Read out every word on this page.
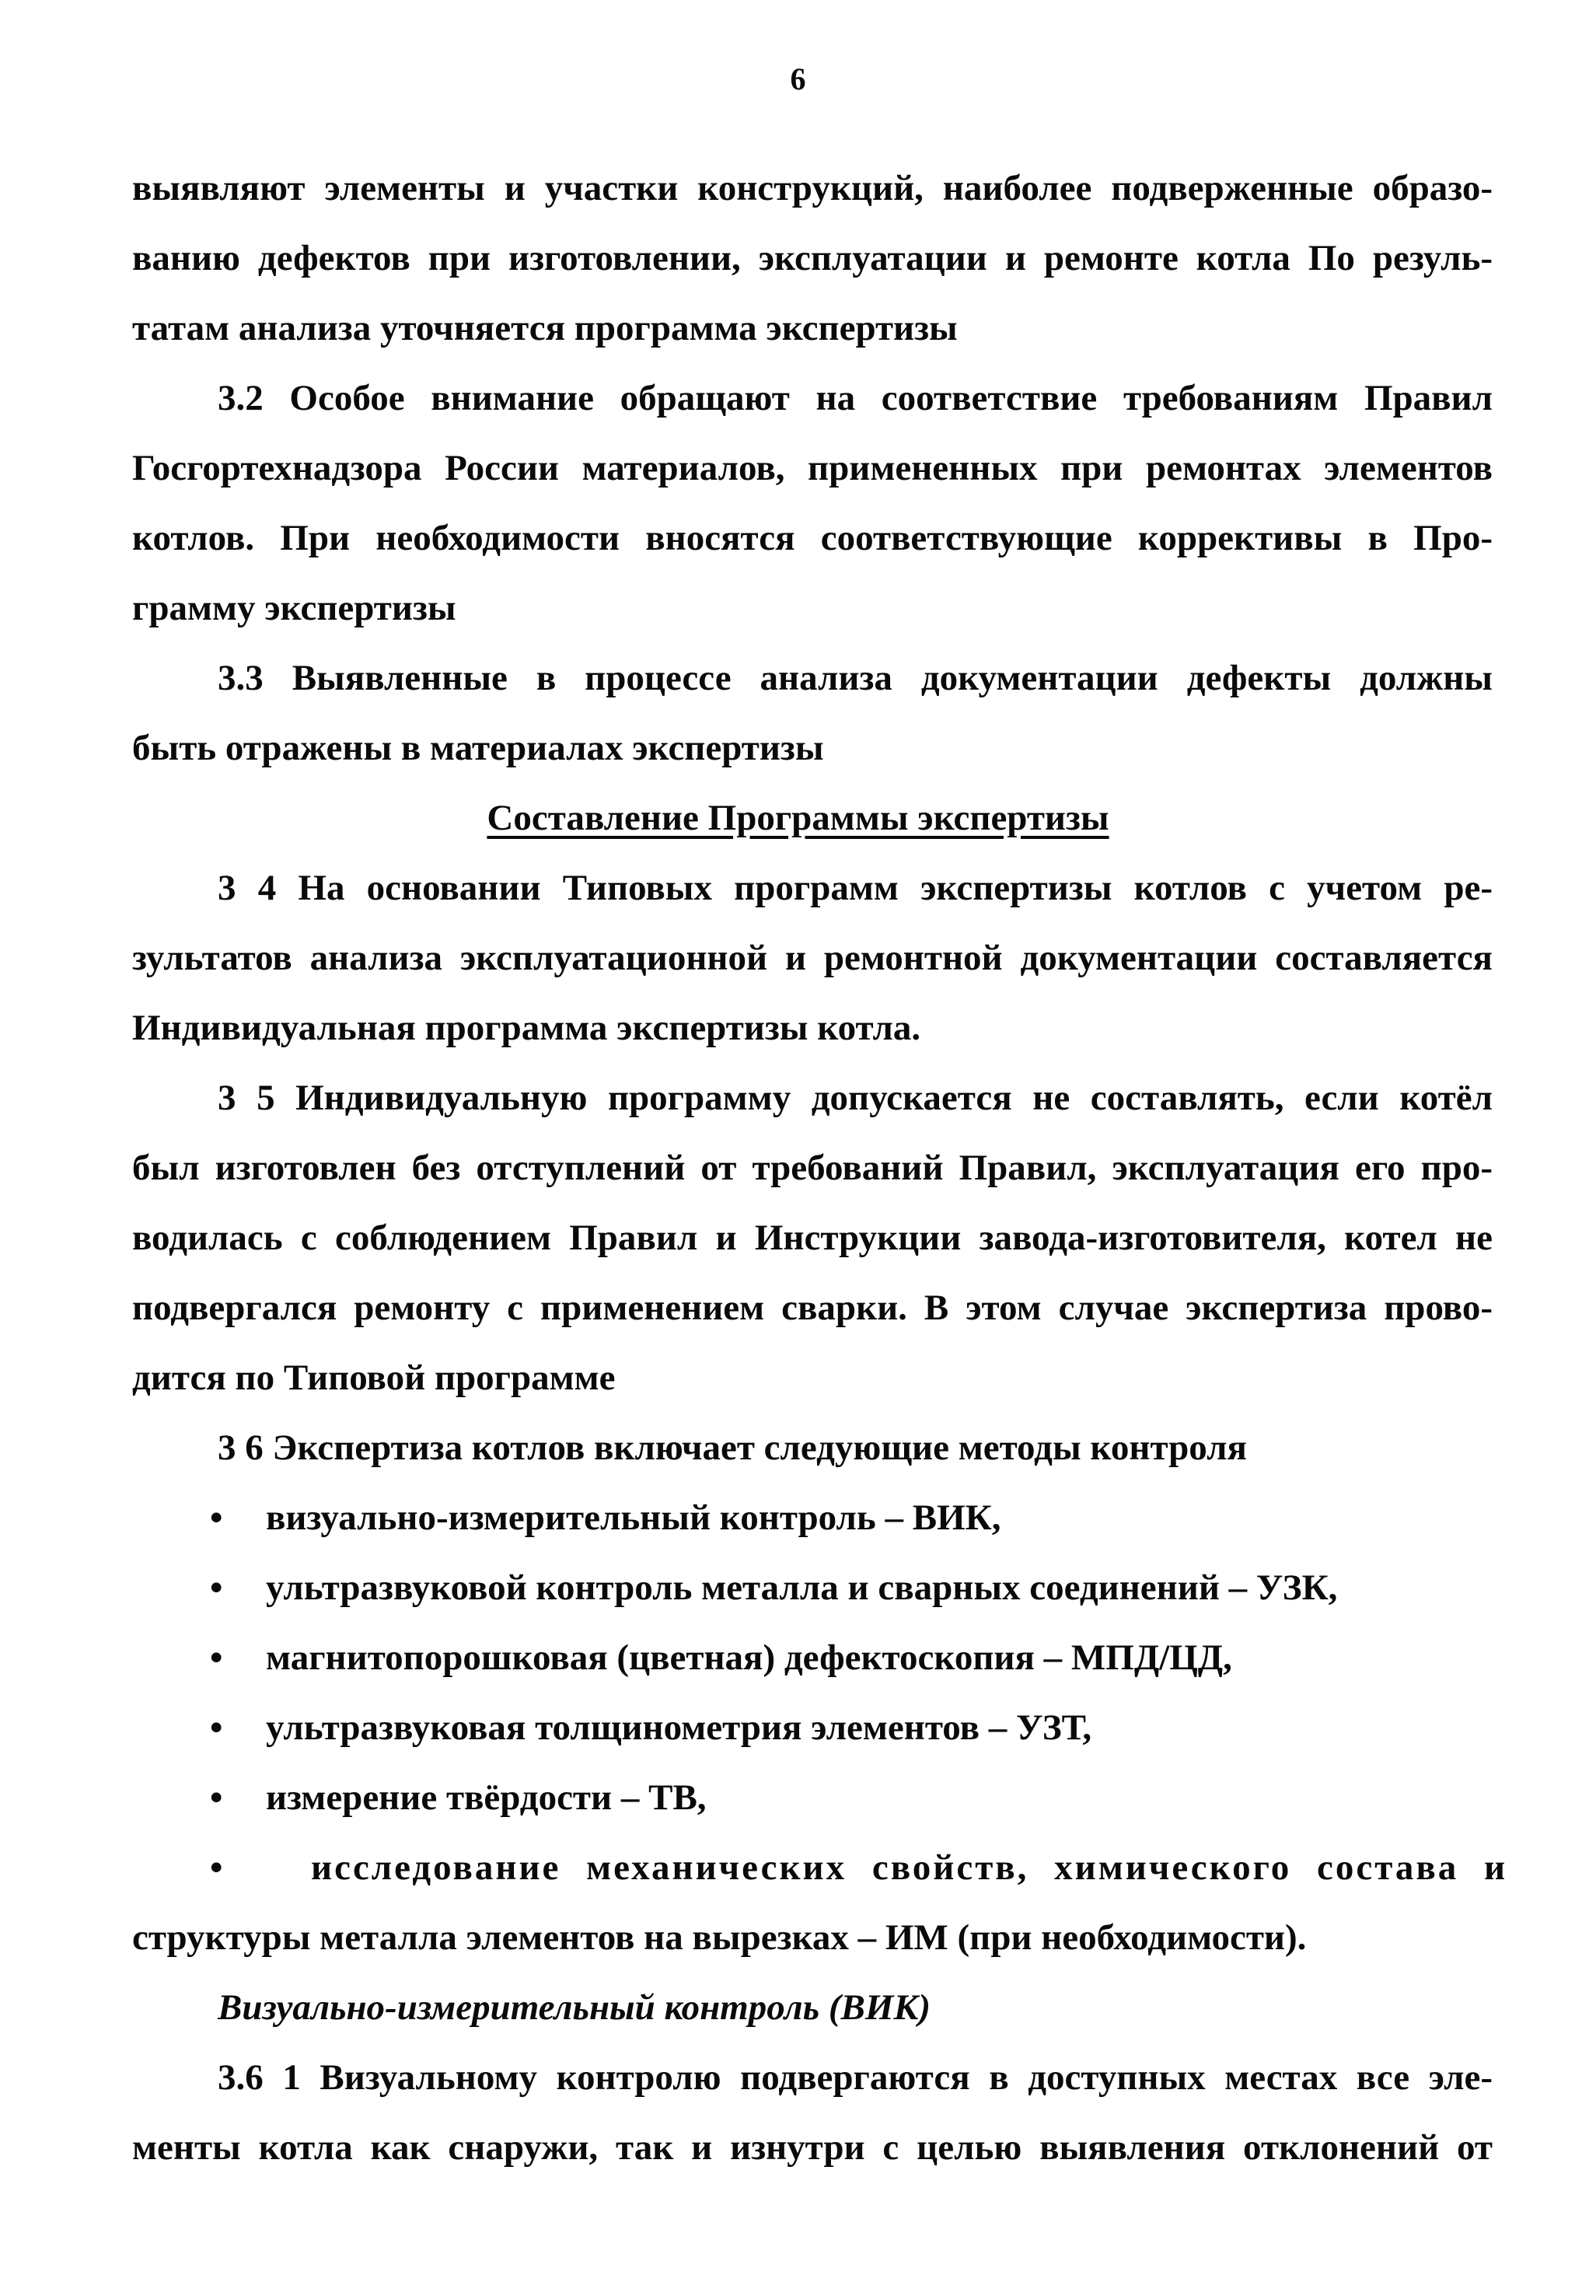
6
выявляют элементы и участки конструкций, наиболее подверженные образо-
ванию дефектов при изготовлении, эксплуатации и ремонте котла По резуль-
татам анализа уточняется программа экспертизы
3.2 Особое внимание обращают на соответствие требованиям Правил
Госгортехнадзора России материалов, примененных при ремонтах элементов
котлов. При необходимости вносятся соответствующие коррективы в Про-
грамму экспертизы
3.3 Выявленные в процессе анализа документации дефекты должны
быть отражены в материалах экспертизы
Составление Программы экспертизы
3 4 На основании Типовых программ экспертизы котлов с учетом ре-
зультатов анализа эксплуатационной и ремонтной документации составляется
Индивидуальная программа экспертизы котла.
3 5 Индивидуальную программу допускается не составлять, если котёл
был изготовлен без отступлений от требований Правил, эксплуатация его про-
водилась с соблюдением Правил и Инструкции завода-изготовителя, котел не
подвергался ремонту с применением сварки. В этом случае экспертиза прово-
дится по Типовой программе
3 6 Экспертиза котлов включает следующие методы контроля
• визуально-измерительный контроль – ВИК,
• ультразвуковой контроль металла и сварных соединений – УЗК,
• магнитопорошковая (цветная) дефектоскопия – МПД/ЦД,
• ультразвуковая толщинометрия элементов – УЗТ,
• измерение твёрдости – ТВ,
• исследование механических свойств, химического состава и
структуры металла элементов на вырезках – ИМ (при необходимости).
Визуально-измерительный контроль (ВИК)
3.6 1 Визуальному контролю подвергаются в доступных местах все эле-
менты котла как снаружи, так и изнутри с целью выявления отклонений от
